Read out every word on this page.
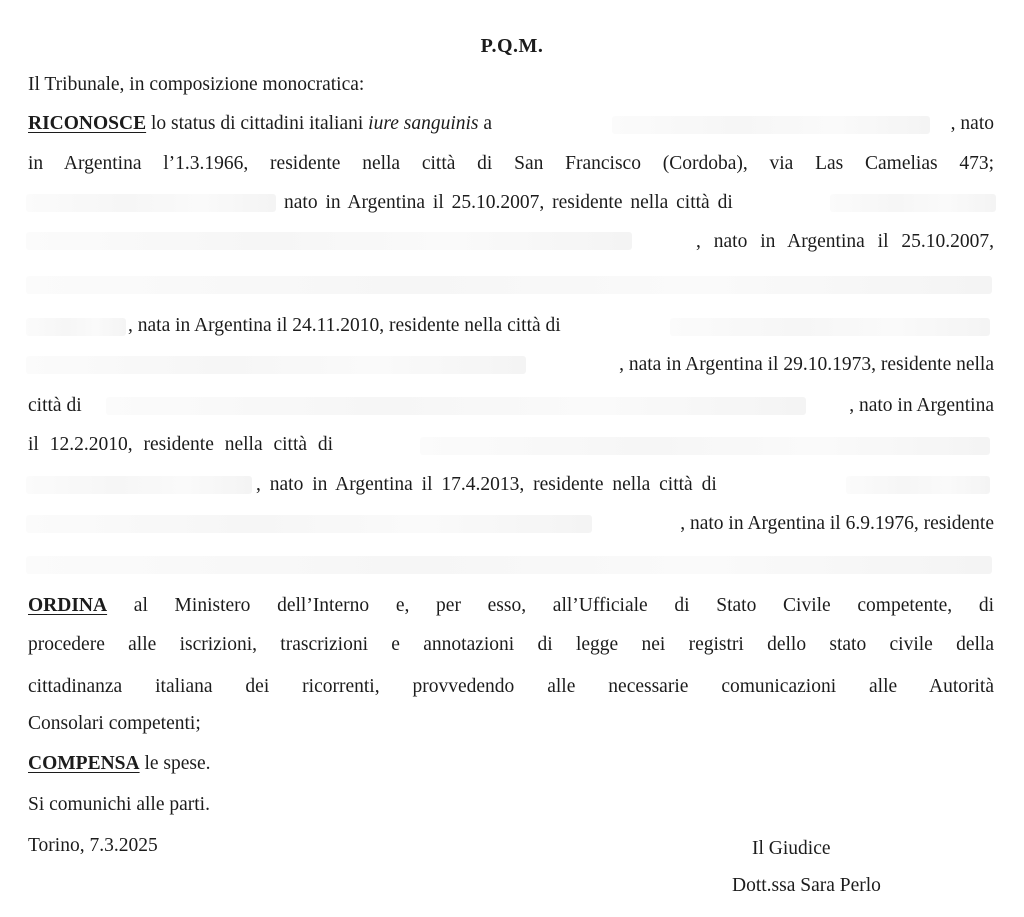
P.Q.M.
Il Tribunale, in composizione monocratica:
RICONOSCE lo status di cittadini italiani iure sanguinis a	, nato
in Argentina l’1.3.1966, residente nella città di San Francisco (Cordoba), via Las Camelias 473;
nato in Argentina il 25.10.2007, residente nella città di
, nato in Argentina il 25.10.2007,
, nata in Argentina il 24.11.2010, residente nella città di
, nata in Argentina il 29.10.1973, residente nella
città di	, nato in Argentina
il 12.2.2010, residente nella città di
, nato in Argentina il 17.4.2013, residente nella città di
, nato in Argentina il 6.9.1976, residente
ORDINA al Ministero dell’Interno e, per esso, all’Ufficiale di Stato Civile competente, di
procedere alle iscrizioni, trascrizioni e annotazioni di legge nei registri dello stato civile della
cittadinanza italiana dei ricorrenti, provvedendo alle necessarie comunicazioni alle Autorità
Consolari competenti;
COMPENSA le spese.
Si comunichi alle parti.
Torino, 7.3.2025	Il Giudice
Dott.ssa Sara Perlo
